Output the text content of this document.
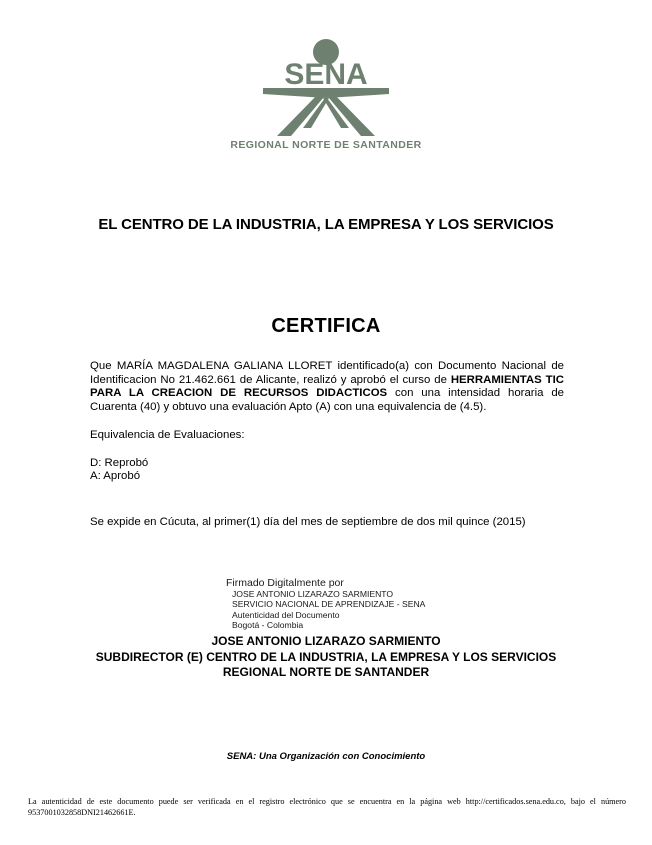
SENA
REGIONAL NORTE DE SANTANDER
EL CENTRO DE LA INDUSTRIA, LA EMPRESA Y LOS SERVICIOS
CERTIFICA
Que MARÍA MAGDALENA GALIANA LLORET identificado(a) con Documento Nacional de Identificacion No 21.462.661 de Alicante, realizó y aprobó el curso de HERRAMIENTAS TIC PARA LA CREACION DE RECURSOS DIDACTICOS con una intensidad horaria de Cuarenta (40) y obtuvo una evaluación Apto (A) con una equivalencia de (4.5).
Equivalencia de Evaluaciones:
D: Reprobó
A: Aprobó
Se expide en Cúcuta, al primer(1) día del mes de septiembre de dos mil quince (2015)
Firmado Digitalmente por
JOSE ANTONIO LIZARAZO SARMIENTO
SERVICIO NACIONAL DE APRENDIZAJE - SENA
Autenticidad del Documento
Bogotá - Colombia
JOSE ANTONIO LIZARAZO SARMIENTO
SUBDIRECTOR (E) CENTRO DE LA INDUSTRIA, LA EMPRESA Y LOS SERVICIOS
REGIONAL NORTE DE SANTANDER
SENA: Una Organización con Conocimiento
La autenticidad de este documento puede ser verificada en el registro electrónico que se encuentra en la página web http://certificados.sena.edu.co, bajo el número 9537001032858DNI21462661E.
